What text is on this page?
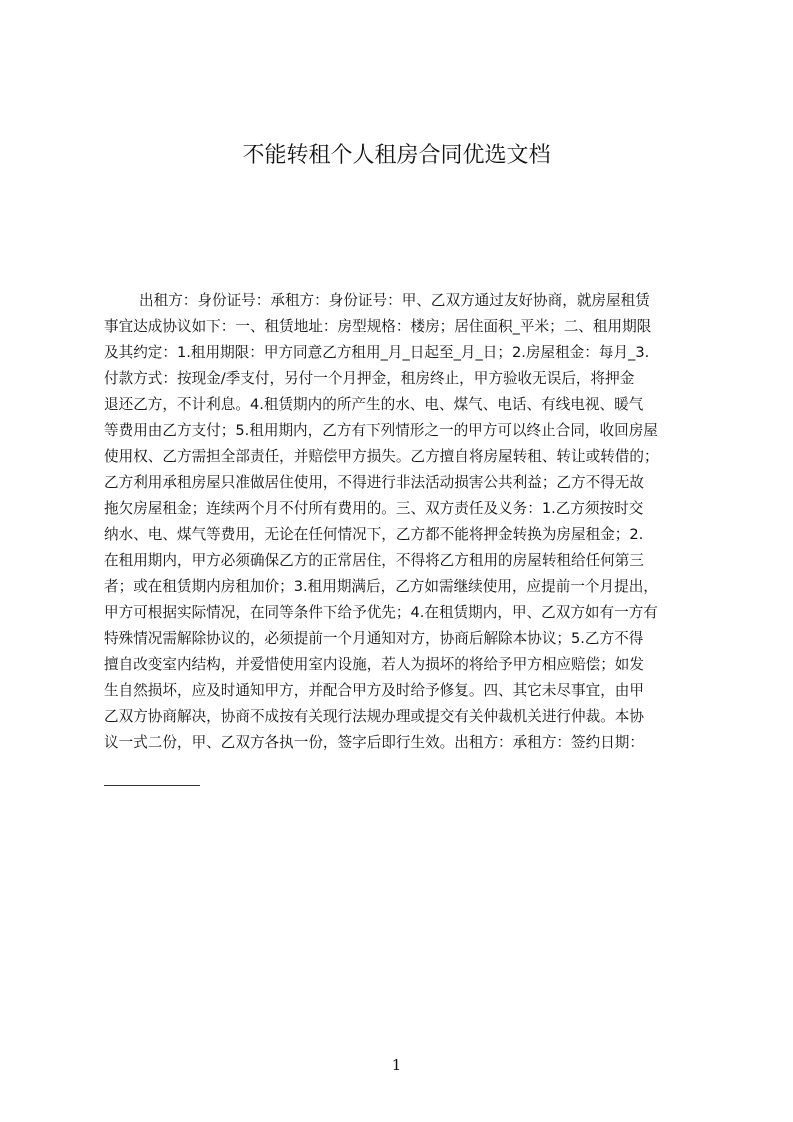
不能转租个人租房合同优选文档
出租方：身份证号：承租方：身份证号：甲、乙双方通过友好协商，就房屋租赁
事宜达成协议如下：一、租赁地址：房型规格：楼房；居住面积_平米；二、租用期限
及其约定：1.租用期限：甲方同意乙方租用_月_日起至_月_日；2.房屋租金：每月_3.
付款方式：按现金/季支付，另付一个月押金，租房终止，甲方验收无误后，将押金
退还乙方，不计利息。4.租赁期内的所产生的水、电、煤气、电话、有线电视、暖气
等费用由乙方支付；5.租用期内，乙方有下列情形之一的甲方可以终止合同，收回房屋
使用权、乙方需担全部责任，并赔偿甲方损失。乙方擅自将房屋转租、转让或转借的；
乙方利用承租房屋只准做居住使用，不得进行非法活动损害公共利益；乙方不得无故
拖欠房屋租金；连续两个月不付所有费用的。三、双方责任及义务：1.乙方须按时交
纳水、电、煤气等费用，无论在任何情况下，乙方都不能将押金转换为房屋租金；2.
在租用期内，甲方必须确保乙方的正常居住，不得将乙方租用的房屋转租给任何第三
者；或在租赁期内房租加价；3.租用期满后，乙方如需继续使用，应提前一个月提出，
甲方可根据实际情况，在同等条件下给予优先；4.在租赁期内，甲、乙双方如有一方有
特殊情况需解除协议的，必须提前一个月通知对方，协商后解除本协议；5.乙方不得
擅自改变室内结构，并爱惜使用室内设施，若人为损坏的将给予甲方相应赔偿；如发
生自然损坏，应及时通知甲方，并配合甲方及时给予修复。四、其它未尽事宜，由甲
乙双方协商解决，协商不成按有关现行法规办理或提交有关仲裁机关进行仲裁。本协
议一式二份，甲、乙双方各执一份，签字后即行生效。出租方：承租方：签约日期：
1
